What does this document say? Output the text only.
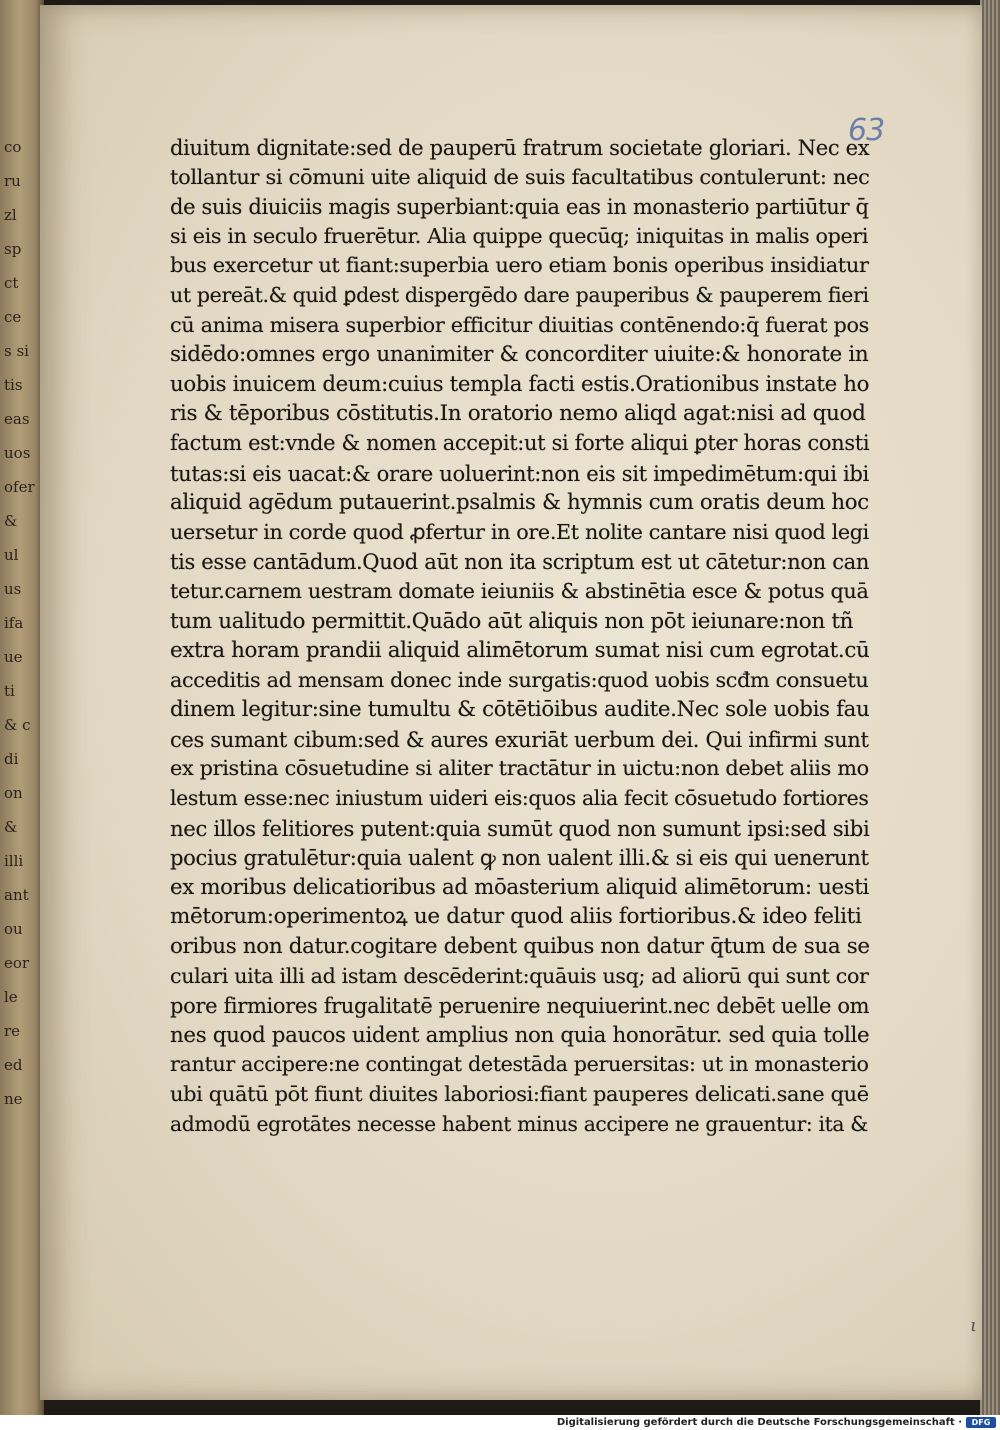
co
ru
zl
sp
ct
ce
s si
tis
eas
uos
ofer
&
ul
us
ifa
ue
ti
& c
di
on
&
illi
ant
ou
eor
le
re
ed
ne
63
diuitum dignitate:sed de pauperū fratrum societate gloriari. Nec ex
tollantur si cōmuni uite aliquid de suis facultatibus contulerunt: nec
de suis diuiciis magis superbiant:quia eas in monasterio partiūtur q̄
si eis in seculo fruerētur. Alia quippe quecūq; iniquitas in malis operi
bus exercetur ut fiant:superbia uero etiam bonis operibus insidiatur
ut pereāt.& quid ꝑdest dispergēdo dare pauperibus & pauperem fieri
cū anima misera superbior efficitur diuitias contēnendo:q̄ fuerat pos
sidēdo:omnes ergo unanimiter & concorditer uiuite:& honorate in
uobis inuicem deum:cuius templa facti estis.Orationibus instate ho
ris & tēporibus cōstitutis.In oratorio nemo aliqd agat:nisi ad quod
factum est:vnde & nomen accepit:ut si forte aliqui ꝑter horas consti
tutas:si eis uacat:& orare uoluerint:non eis sit impedimētum:qui ibi
aliquid agēdum putauerint.psalmis & hymnis cum oratis deum hoc
uersetur in corde quod ꝓfertur in ore.Et nolite cantare nisi quod legi
tis esse cantādum.Quod aūt non ita scriptum est ut cātetur:non can
tetur.carnem uestram domate ieiuniis & abstinētia esce & potus quā
tum ualitudo permittit.Quādo aūt aliquis non pōt ieiunare:non tñ
extra horam prandii aliquid alimētorum sumat nisi cum egrotat.cū
acceditis ad mensam donec inde surgatis:quod uobis scđm consuetu
dinem legitur:sine tumultu & cōtētiōibus audite.Nec sole uobis fau
ces sumant cibum:sed & aures exuriāt uerbum dei. Qui infirmi sunt
ex pristina cōsuetudine si aliter tractātur in uictu:non debet aliis mo
lestum esse:nec iniustum uideri eis:quos alia fecit cōsuetudo fortiores
nec illos felitiores putent:quia sumūt quod non sumunt ipsi:sed sibi
pocius gratulētur:quia ualent ꝙ non ualent illi.& si eis qui uenerunt
ex moribus delicatioribus ad mōasterium aliquid alimētorum: uesti
mētorum:operimentoꝝ ue datur quod aliis fortioribus.& ideo feliti
oribus non datur.cogitare debent quibus non datur q̄tum de sua se
culari uita illi ad istam descēderint:quāuis usq; ad aliorū qui sunt cor
pore firmiores frugalitatē peruenire nequiuerint.nec debēt uelle om
nes quod paucos uident amplius non quia honorātur. sed quia tolle
rantur accipere:ne contingat detestāda peruersitas: ut in monasterio
ubi quātū pōt fiunt diuites laboriosi:fiant pauperes delicati.sane quē
admodū egrotātes necesse habent minus accipere ne grauentur: ita &
ι
Digitalisierung gefördert durch die Deutsche Forschungsgemeinschaft ·	DFG
